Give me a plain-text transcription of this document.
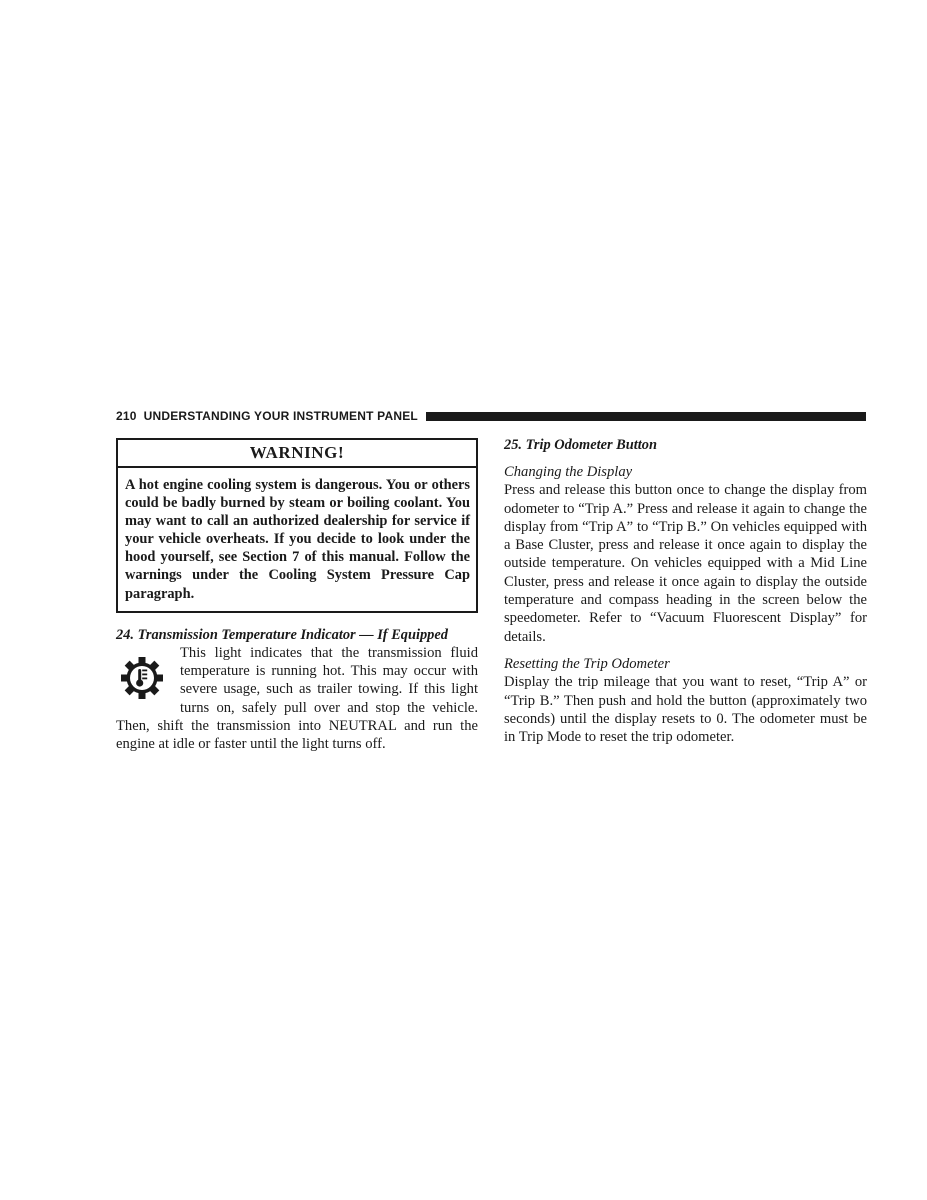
210 UNDERSTANDING YOUR INSTRUMENT PANEL
WARNING!
A hot engine cooling system is dangerous. You or others could be badly burned by steam or boiling coolant. You may want to call an authorized dealership for service if your vehicle overheats. If you decide to look under the hood yourself, see Section 7 of this manual. Follow the warnings under the Cooling System Pressure Cap paragraph.

24. Transmission Temperature Indicator — If Equipped

This light indicates that the transmission fluid temperature is running hot. This may occur with severe usage, such as trailer towing. If this light turns on, safely pull over and stop the vehicle. Then, shift the transmission into NEUTRAL and run the engine at idle or faster until the light turns off.

25. Trip Odometer Button

Changing the Display

Press and release this button once to change the display from odometer to “Trip A.” Press and release it again to change the display from “Trip A” to “Trip B.” On vehicles equipped with a Base Cluster, press and release it once again to display the outside temperature. On vehicles equipped with a Mid Line Cluster, press and release it once again to display the outside temperature and compass heading in the screen below the speedometer. Refer to “Vacuum Fluorescent Display” for details.

Resetting the Trip Odometer

Display the trip mileage that you want to reset, “Trip A” or “Trip B.” Then push and hold the button (approximately two seconds) until the display resets to 0. The odometer must be in Trip Mode to reset the trip odometer.
